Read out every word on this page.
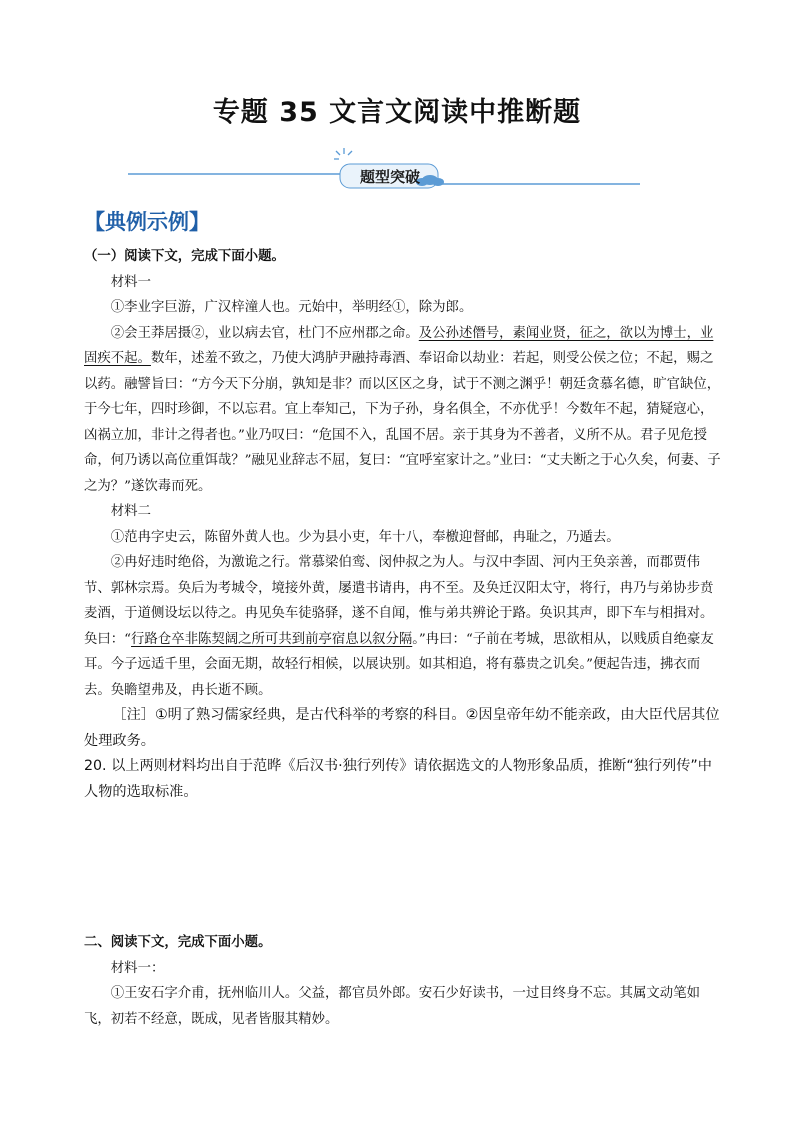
专题 35 文言文阅读中推断题
题型突破
【典例示例】

（一）阅读下文，完成下面小题。

材料一

①李业字巨游，广汉梓潼人也。元始中，举明经①，除为郎。

②会王莽居摄②，业以病去官，杜门不应州郡之命。及公孙述僭号，素闻业贤，征之，欲以为博士，业固疾不起。数年，述羞不致之，乃使大鸿胪尹融持毒酒、奉诏命以劫业：若起，则受公侯之位；不起，赐之以药。融譬旨曰：“方今天下分崩，孰知是非？而以区区之身，试于不测之渊乎！朝廷贪慕名德，旷官缺位，于今七年，四时珍御，不以忘君。宜上奉知己，下为子孙，身名俱全，不亦优乎！今数年不起，猜疑寇心，凶祸立加，非计之得者也。”业乃叹曰：“危国不入，乱国不居。亲于其身为不善者，义所不从。君子见危授命，何乃诱以高位重饵哉？”融见业辞志不屈，复曰：“宜呼室家计之。”业曰：“丈夫断之于心久矣，何妻、子之为？”遂饮毒而死。

材料二

①范冉字史云，陈留外黄人也。少为县小吏，年十八，奉檄迎督邮，冉耻之，乃遁去。

②冉好违时绝俗，为激诡之行。常慕梁伯鸾、闵仲叔之为人。与汉中李固、河内王奂亲善，而郡贾伟节、郭林宗焉。奂后为考城令，境接外黄，屡遣书请冉，冉不至。及奂迁汉阳太守，将行，冉乃与弟协步贲麦酒，于道侧设坛以待之。冉见奂车徒骆驿，遂不自闻，惟与弟共辨论于路。奂识其声，即下车与相揖对。奂曰：“行路仓卒非陈契阔之所可共到前亭宿息以叙分隔。”冉曰：“子前在考城，思欲相从，以贱质自绝豪友耳。今子远适千里，会面无期，故轻行相候，以展诀别。如其相追，将有慕贵之讥矣。”便起告违，拂衣而去。奂瞻望弗及，冉长逝不顾。

［注］①明了熟习儒家经典，是古代科举的考察的科目。②因皇帝年幼不能亲政，由大臣代居其位处理政务。

20. 以上两则材料均出自于范晔《后汉书·独行列传》请依据选文的人物形象品质，推断“独行列传”中人物的选取标准。

二、阅读下文，完成下面小题。

材料一：

①王安石字介甫，抚州临川人。父益，都官员外郎。安石少好读书，一过目终身不忘。其属文动笔如飞，初若不经意，既成，见者皆服其精妙。
